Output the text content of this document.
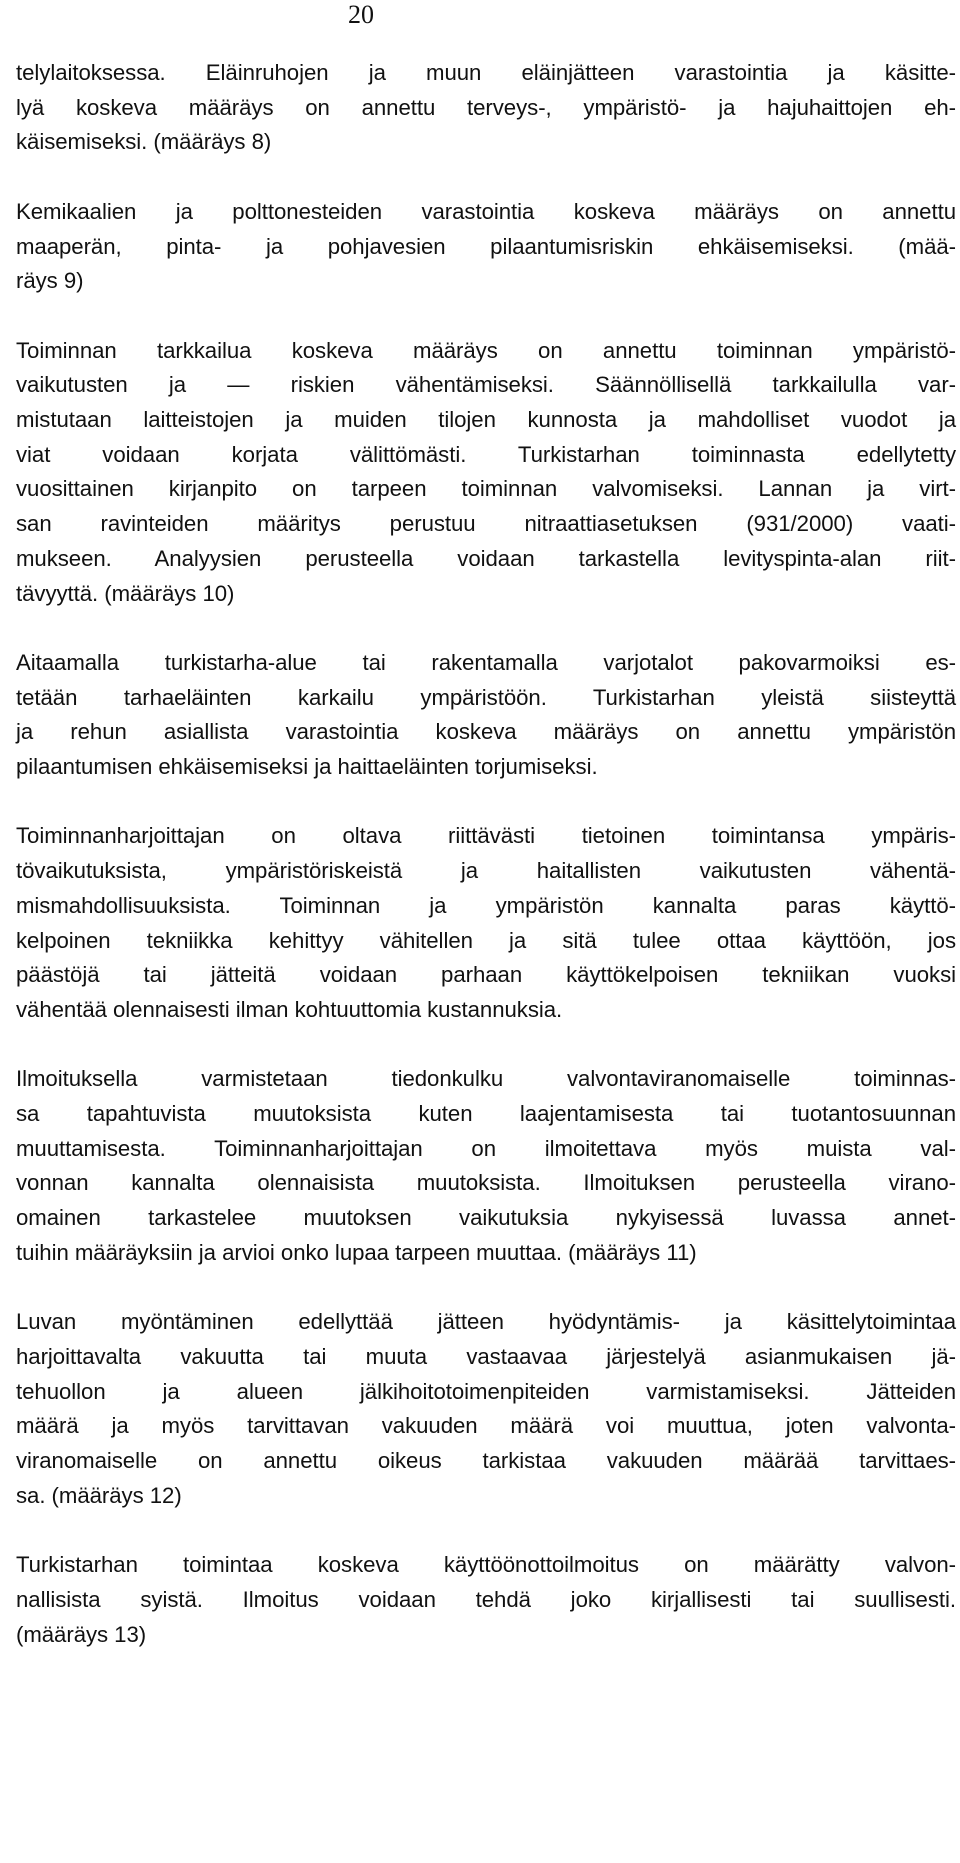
20
telylaitoksessa. Eläinruhojen ja muun eläinjätteen varastointia ja käsitte-
lyä koskeva määräys on annettu terveys-, ympäristö- ja hajuhaittojen eh-
käisemiseksi. (määräys 8)
Kemikaalien ja polttonesteiden varastointia koskeva määräys on annettu
maaperän, pinta- ja pohjavesien pilaantumisriskin ehkäisemiseksi. (mää-
räys 9)
Toiminnan tarkkailua koskeva määräys on annettu toiminnan ympäristö-
vaikutusten ja — riskien vähentämiseksi. Säännöllisellä tarkkailulla var-
mistutaan laitteistojen ja muiden tilojen kunnosta ja mahdolliset vuodot ja
viat voidaan korjata välittömästi. Turkistarhan toiminnasta edellytetty
vuosittainen kirjanpito on tarpeen toiminnan valvomiseksi. Lannan ja virt-
san ravinteiden määritys perustuu nitraattiasetuksen (931/2000) vaati-
mukseen. Analyysien perusteella voidaan tarkastella levityspinta-alan riit-
tävyyttä. (määräys 10)
Aitaamalla turkistarha-alue tai rakentamalla varjotalot pakovarmoiksi es-
tetään tarhaeläinten karkailu ympäristöön. Turkistarhan yleistä siisteyttä
ja rehun asiallista varastointia koskeva määräys on annettu ympäristön
pilaantumisen ehkäisemiseksi ja haittaeläinten torjumiseksi.
Toiminnanharjoittajan on oltava riittävästi tietoinen toimintansa ympäris-
tövaikutuksista, ympäristöriskeistä ja haitallisten vaikutusten vähentä-
mismahdollisuuksista. Toiminnan ja ympäristön kannalta paras käyttö-
kelpoinen tekniikka kehittyy vähitellen ja sitä tulee ottaa käyttöön, jos
päästöjä tai jätteitä voidaan parhaan käyttökelpoisen tekniikan vuoksi
vähentää olennaisesti ilman kohtuuttomia kustannuksia.
Ilmoituksella varmistetaan tiedonkulku valvontaviranomaiselle toiminnas-
sa tapahtuvista muutoksista kuten laajentamisesta tai tuotantosuunnan
muuttamisesta. Toiminnanharjoittajan on ilmoitettava myös muista val-
vonnan kannalta olennaisista muutoksista. Ilmoituksen perusteella virano-
omainen tarkastelee muutoksen vaikutuksia nykyisessä luvassa annet-
tuihin määräyksiin ja arvioi onko lupaa tarpeen muuttaa. (määräys 11)
Luvan myöntäminen edellyttää jätteen hyödyntämis- ja käsittelytoimintaa
harjoittavalta vakuutta tai muuta vastaavaa järjestelyä asianmukaisen jä-
tehuollon ja alueen jälkihoitotoimenpiteiden varmistamiseksi. Jätteiden
määrä ja myös tarvittavan vakuuden määrä voi muuttua, joten valvonta-
viranomaiselle on annettu oikeus tarkistaa vakuuden määrää tarvittaes-
sa. (määräys 12)
Turkistarhan toimintaa koskeva käyttöönottoilmoitus on määrätty valvon-
nallisista syistä. Ilmoitus voidaan tehdä joko kirjallisesti tai suullisesti.
(määräys 13)
